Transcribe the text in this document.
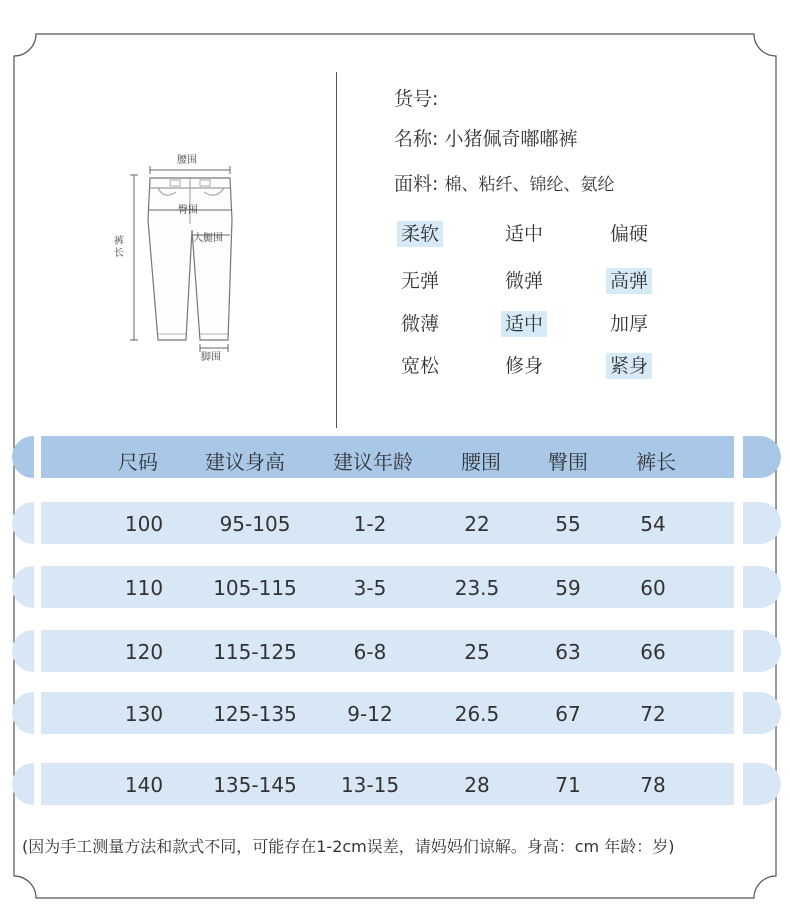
腰围
臀围
大腿围
裤长
脚围
货号:
名称: 小猪佩奇嘟嘟裤
面料: 棉、粘纤、锦纶、氨纶
柔软	适中	偏硬
无弹	微弹	高弹
微薄	适中	加厚
宽松	修身	紧身
尺码 建议身高 建议年龄 腰围 臀围 裤长
100	95-105	1-2	22	55	54
110	105-115	3-5	23.5	59	60
120	115-125	6-8	25	63	66
130	125-135	9-12	26.5	67	72
140	135-145 13-15	28	71	78
(因为手工测量方法和款式不同，可能存在1-2cm误差，请妈妈们谅解。身高：cm 年龄：岁)
